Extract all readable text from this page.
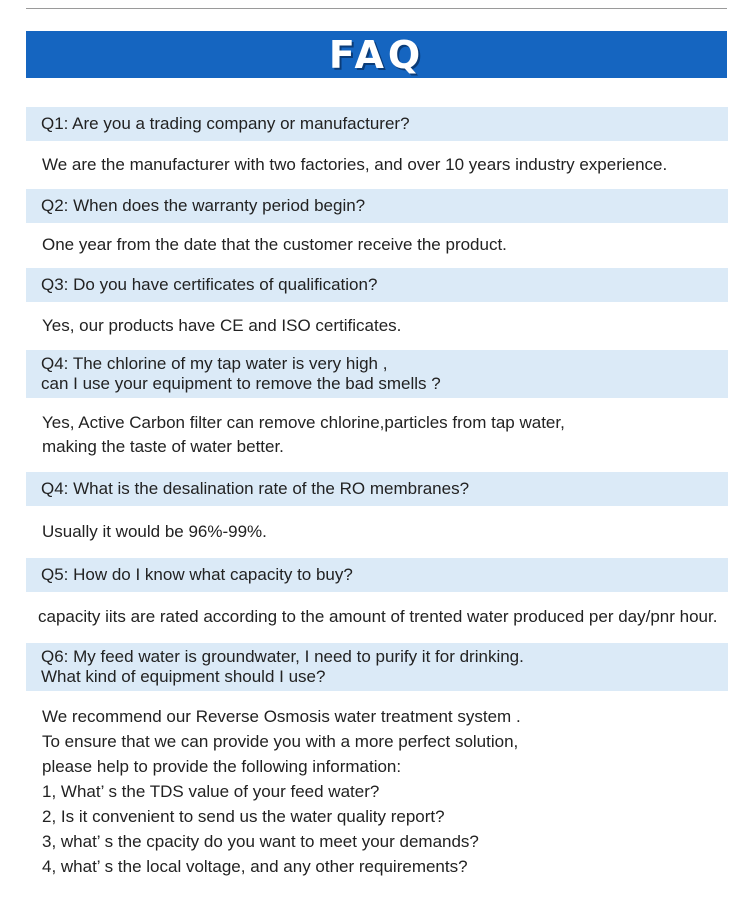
FAQ
Q1: Are you a trading company or manufacturer?
We are the manufacturer with two factories, and over 10 years industry experience.
Q2: When does the warranty period begin?
One year from the date that the customer receive the product.
Q3: Do you have certificates of qualification?
Yes, our products have CE and ISO certificates.
Q4: The chlorine of my tap water is very high ,
can I use your equipment to remove the bad smells ?
Yes, Active Carbon filter can remove chlorine,particles from tap water,
making the taste of water better.
Q4: What is the desalination rate of the RO membranes?
Usually it would be 96%-99%.
Q5: How do I know what capacity to buy?
capacity iits are rated according to the amount of trented water produced per day/pnr hour.
Q6: My feed water is groundwater, I need to purify it for drinking.
What kind of equipment should I use?
We recommend our Reverse Osmosis water treatment system .
To ensure that we can provide you with a more perfect solution,
please help to provide the following information:
1, What’ s the TDS value of your feed water?
2, Is it convenient to send us the water quality report?
3, what’ s the cpacity do you want to meet your demands?
4, what’ s the local voltage, and any other requirements?
